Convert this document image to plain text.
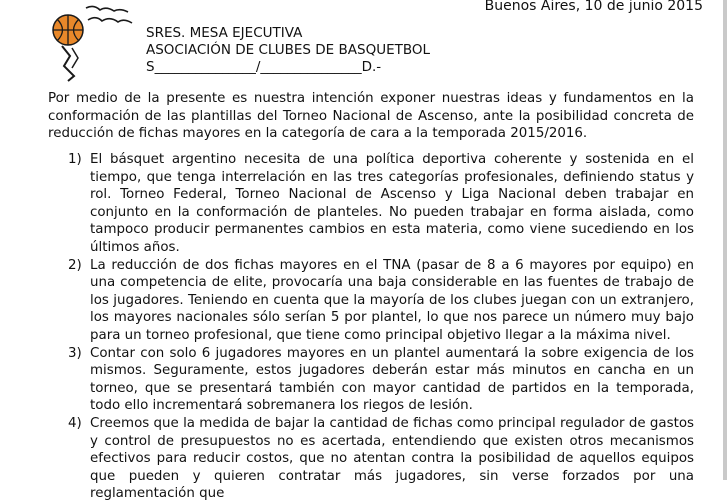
Buenos Aires, 10 de junio 2015
SRES. MESA EJECUTIVA
ASOCIACIÓN DE CLUBES DE BASQUETBOL
S_______________/_______________D.-

Por medio de la presente es nuestra intención exponer nuestras ideas y fundamentos en la conformación de las plantillas del Torneo Nacional de Ascenso, ante la posibilidad concreta de reducción de fichas mayores en la categoría de cara a la temporada 2015/2016.

1) El básquet argentino necesita de una política deportiva coherente y sostenida en el tiempo, que tenga interrelación en las tres categorías profesionales, definiendo status y rol. Torneo Federal, Torneo Nacional de Ascenso y Liga Nacional deben trabajar en conjunto en la conformación de planteles. No pueden trabajar en forma aislada, como tampoco producir permanentes cambios en esta materia, como viene sucediendo en los últimos años.
2) La reducción de dos fichas mayores en el TNA (pasar de 8 a 6 mayores por equipo) en una competencia de elite, provocaría una baja considerable en las fuentes de trabajo de los jugadores. Teniendo en cuenta que la mayoría de los clubes juegan con un extranjero, los mayores nacionales sólo serían 5 por plantel, lo que nos parece un número muy bajo para un torneo profesional, que tiene como principal objetivo llegar a la máxima nivel.
3) Contar con solo 6 jugadores mayores en un plantel aumentará la sobre exigencia de los mismos. Seguramente, estos jugadores deberán estar más minutos en cancha en un torneo, que se presentará también con mayor cantidad de partidos en la temporada, todo ello incrementará sobremanera los riegos de lesión.
4) Creemos que la medida de bajar la cantidad de fichas como principal regulador de gastos y control de presupuestos no es acertada, entendiendo que existen otros mecanismos efectivos para reducir costos, que no atentan contra la posibilidad de aquellos equipos que pueden y quieren contratar más jugadores, sin verse forzados por una reglamentación que
